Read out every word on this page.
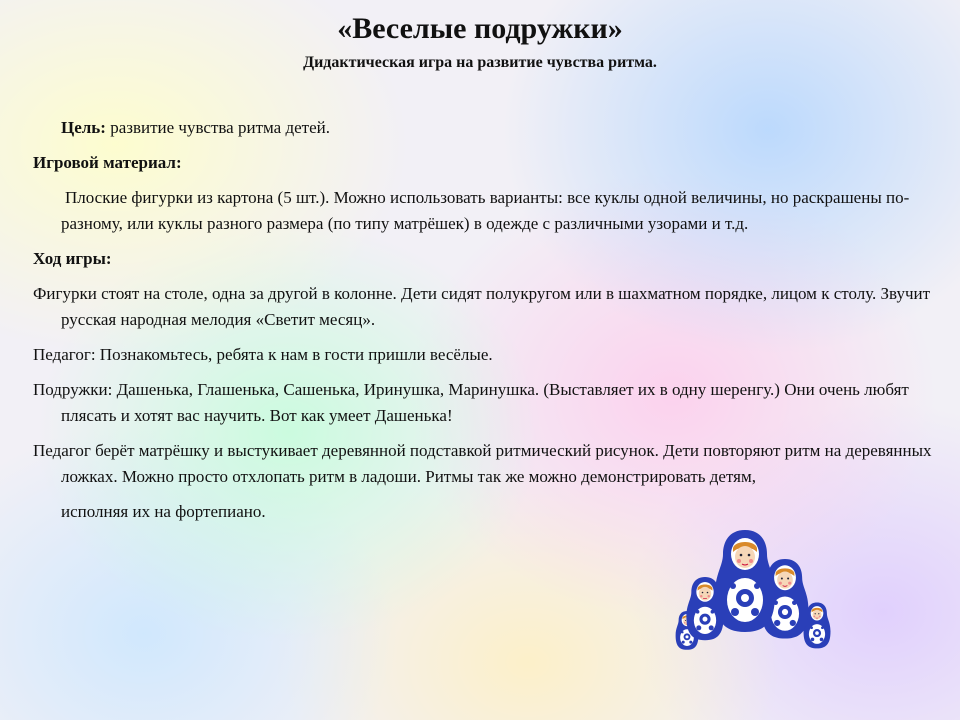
«Веселые подружки»
Дидактическая игра на развитие чувства ритма.
Цель: развитие чувства ритма детей.
Игровой материал:
Плоские фигурки из картона (5 шт.). Можно использовать варианты: все куклы одной величины, но раскрашены по-разному, или куклы разного размера (по типу матрёшек) в одежде с различными узорами и т.д.
Ход игры:
Фигурки стоят на столе, одна за другой в колонне. Дети сидят полукругом или в шахматном порядке, лицом к столу. Звучит русская народная мелодия «Светит месяц».
Педагог: Познакомьтесь, ребята к нам в гости пришли весёлые.
Подружки: Дашенька, Глашенька, Сашенька, Иринушка, Маринушка. (Выставляет их в одну шеренгу.) Они очень любят плясать и хотят вас научить. Вот как умеет Дашенька!
Педагог берёт матрёшку и выстукивает деревянной подставкой ритмический рисунок. Дети повторяют ритм на деревянных ложках. Можно просто отхлопать ритм в ладоши. Ритмы так же можно демонстрировать детям,
исполняя их на фортепиано.
